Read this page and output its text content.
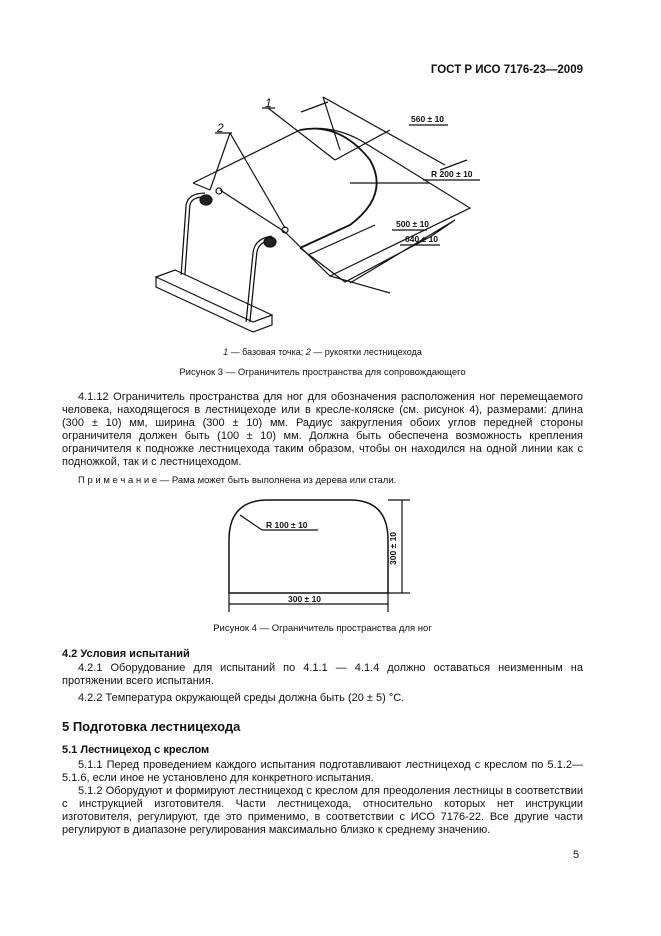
ГОСТ Р ИСО 7176-23—2009
1
2
560 ± 10
R 200 ± 10
500 ± 10
640 ± 10
1 — базовая точка; 2 — рукоятки лестницехода
Рисунок 3 — Ограничитель пространства для сопровождающего
4.1.12 Ограничитель пространства для ног для обозначения расположения ног перемещаемого человека, находящегося в лестницеходе или в кресле-коляске (см. рисунок 4), размерами: длина (300 ± 10) мм, ширина (300 ± 10) мм. Радиус закругления обоих углов передней стороны ограничителя должен быть (100 ± 10) мм. Должна быть обеспечена возможность крепления ограничителя к подножке лестницехода таким образом, чтобы он находился на одной линии как с подножкой, так и с лестницеходом.
П р и м е ч а н и е — Рама может быть выполнена из дерева или стали.
R 100 ± 10
300 ± 10
300 ± 10
Рисунок 4 — Ограничитель пространства для ног
4.2 Условия испытаний
4.2.1 Оборудование для испытаний по 4.1.1 — 4.1.4 должно оставаться неизменным на протяжении всего испытания.
4.2.2 Температура окружающей среды должна быть (20 ± 5) °С.
5 Подготовка лестницехода
5.1 Лестницеход с креслом
5.1.1 Перед проведением каждого испытания подготавливают лестницеход с креслом по 5.1.2—5.1.6, если иное не установлено для конкретного испытания.
5.1.2 Оборудуют и формируют лестницеход с креслом для преодоления лестницы в соответствии с инструкцией изготовителя. Части лестницехода, относительно которых нет инструкции изготовителя, регулируют, где это применимо, в соответствии с ИСО 7176-22. Все другие части регулируют в диапазоне регулирования максимально близко к среднему значению.
5
